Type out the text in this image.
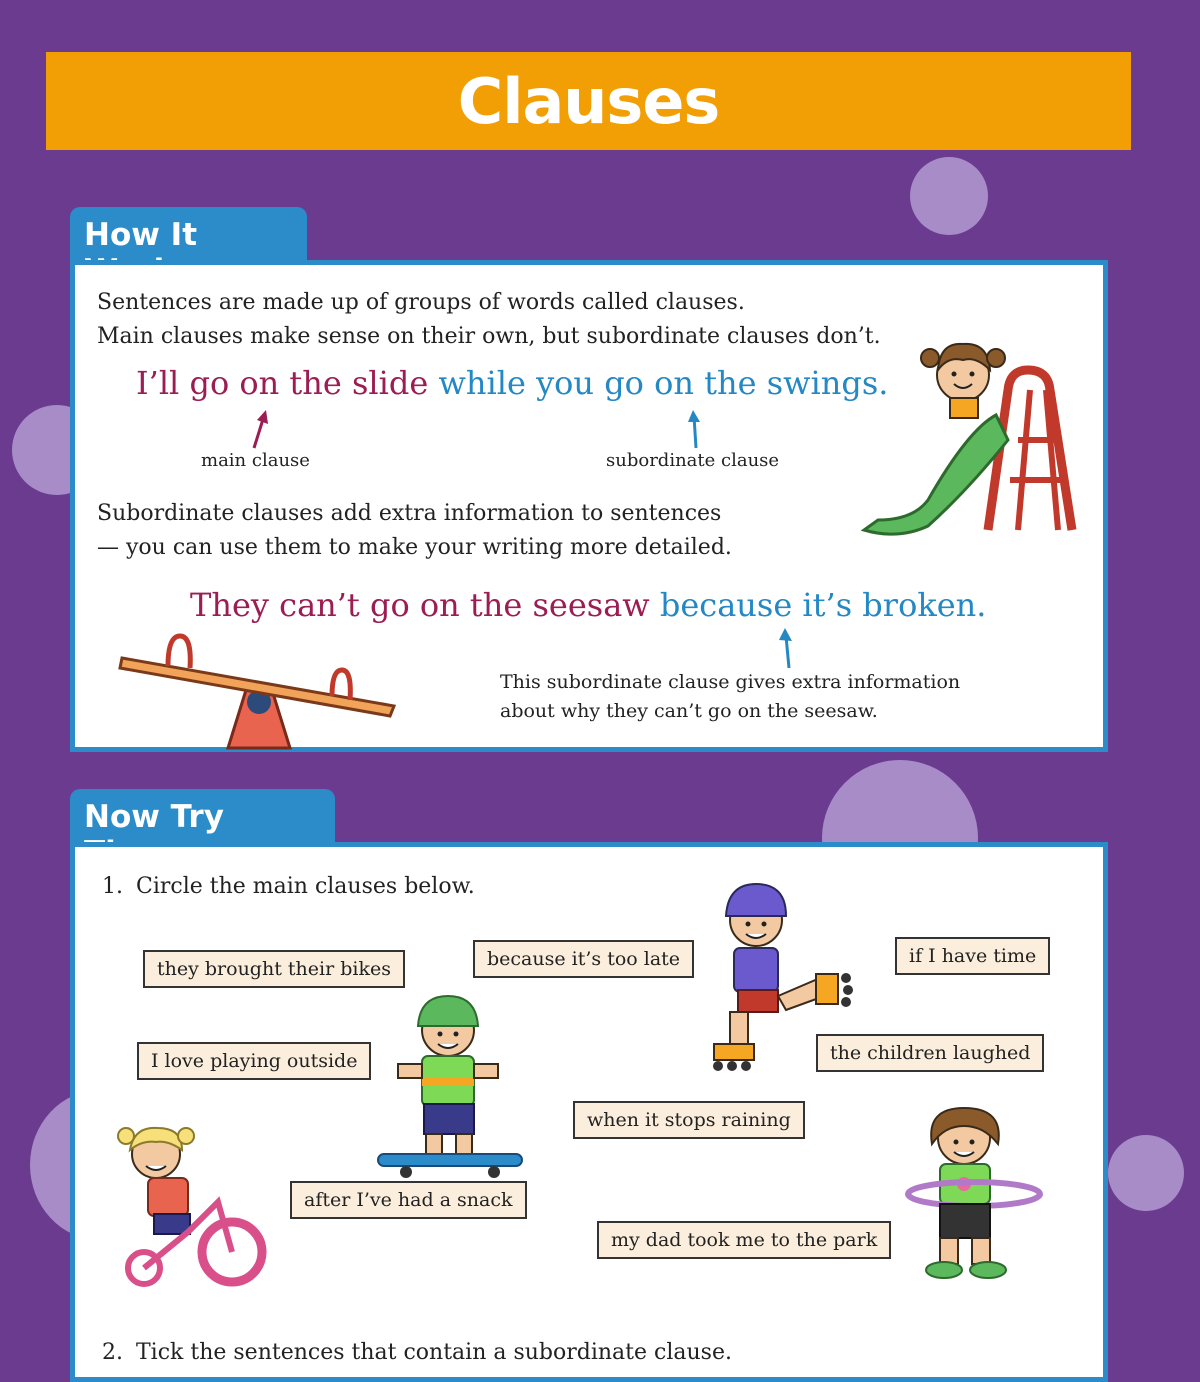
Clauses
How It

Sentences are made up of groups of words called clauses.

Main clauses make sense on their own, but subordinate clauses don’t.

I’ll go on the slide while you go on the swings.
main clause	subordinate clause

Subordinate clauses add extra information to sentences

— you can use them to make your writing more detailed.

They can’t go on the seesaw because it’s broken.
This subordinate clause gives extra information
about why they can’t go on the seesaw.
Now Try
1. Circle the main clauses below.
they brought their bikes	because it’s too late	if I have time
I love playing outside	the children laughed
when it stops raining
after I’ve had a snack
my dad took me to the park
2. Tick the sentences that contain a subordinate clause.
